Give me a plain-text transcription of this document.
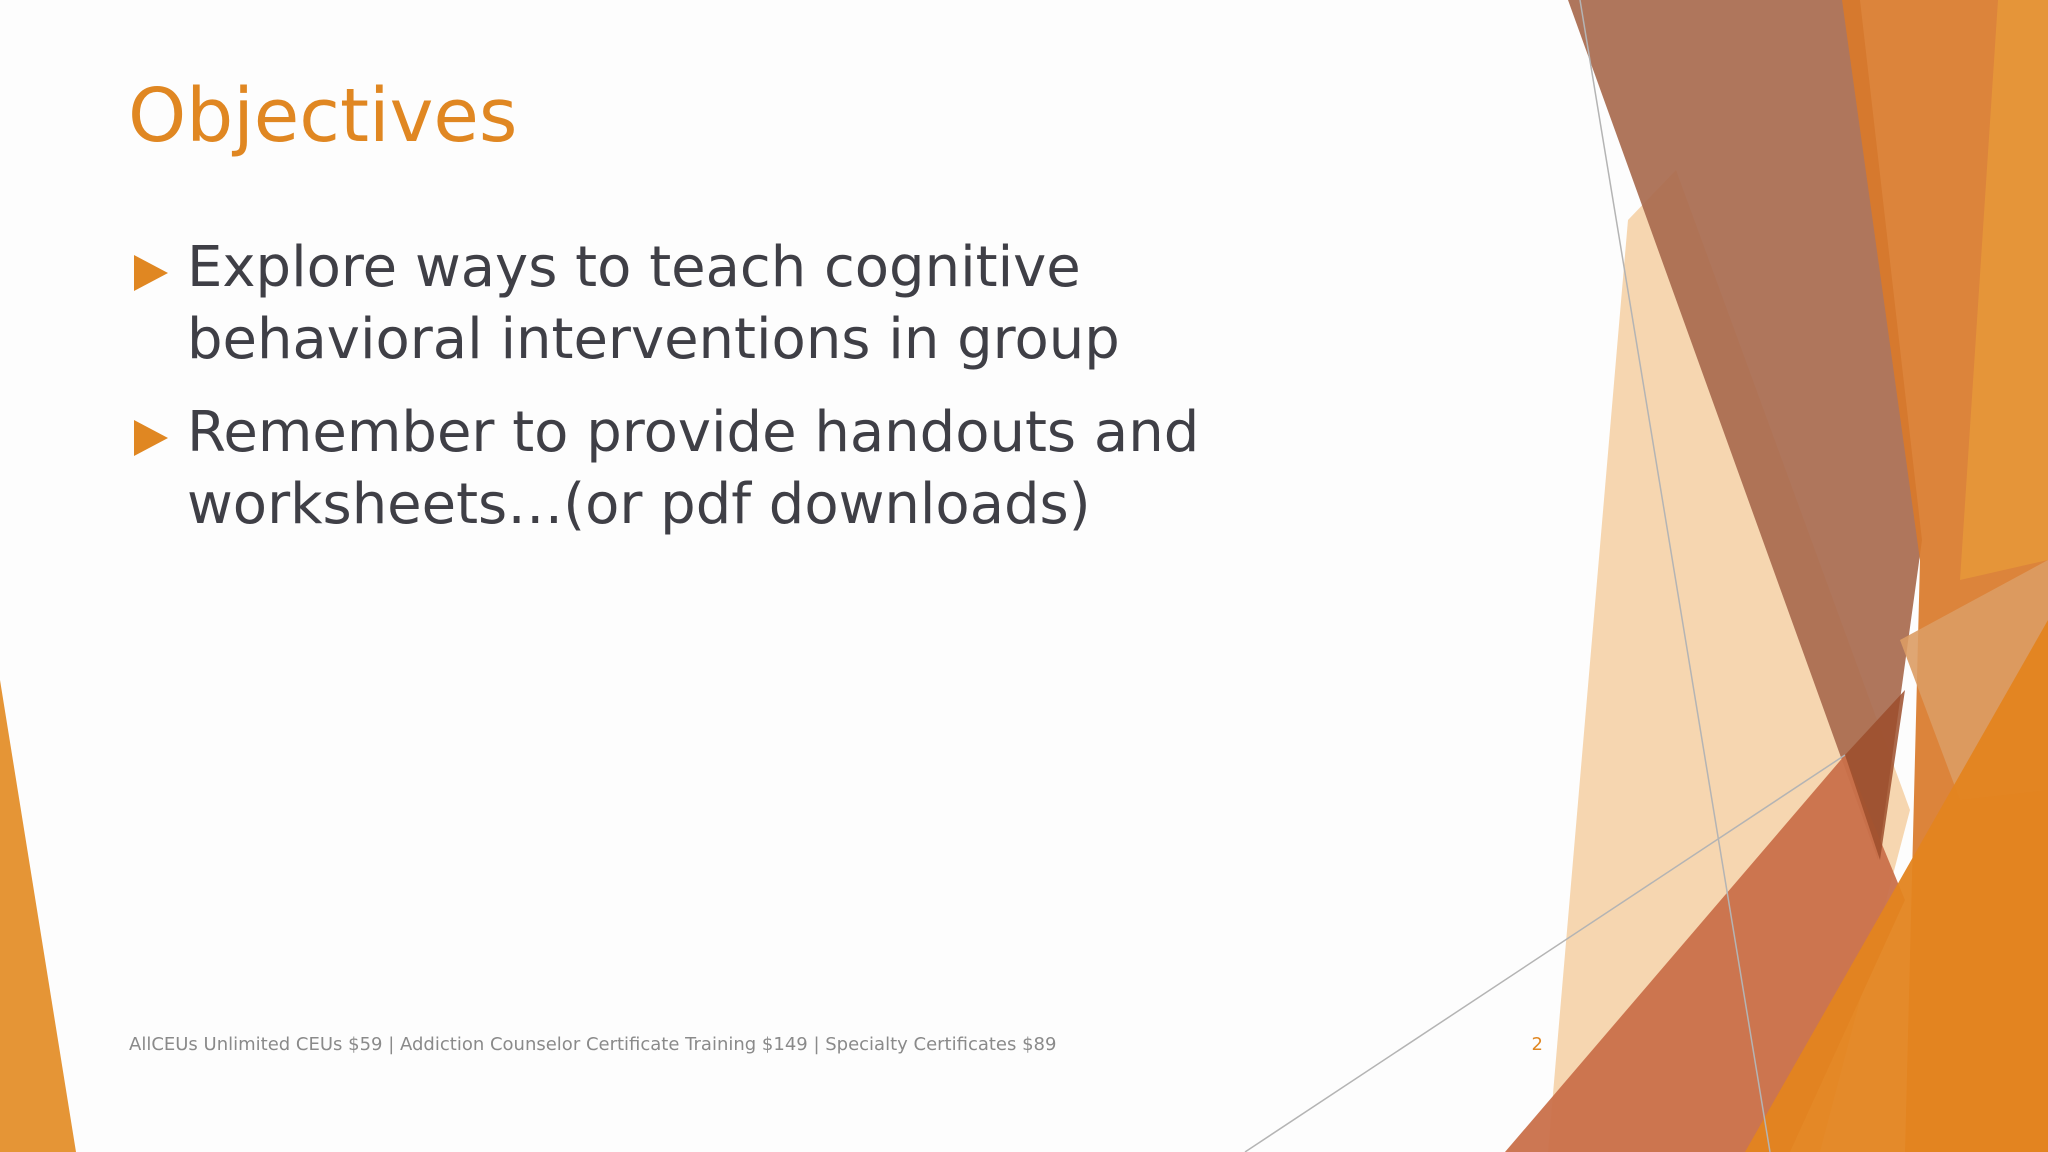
Objectives
Explore ways to teach cognitive behavioral interventions in group
Remember to provide handouts and worksheets…(or pdf downloads)
AllCEUs Unlimited CEUs $59 | Addiction Counselor Certificate Training $149 | Specialty Certificates $89	2
